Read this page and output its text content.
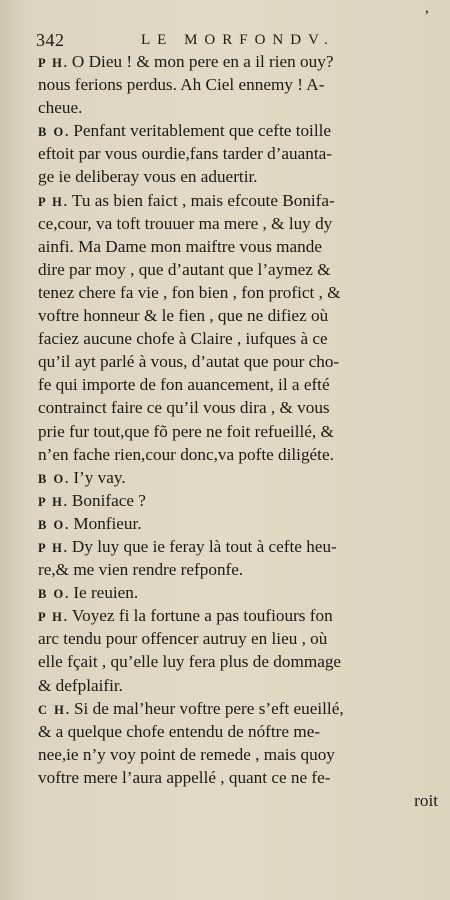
342	LE MORFONDV.
’
P H. O Dieu ! & mon pere en a il rien ouy?
nous ferions perdus. Ah Ciel ennemy ! A-
cheue.
B O. Penfant veritablement que cefte toille
eftoit par vous ourdie,fans tarder d’auanta-
ge ie deliberay vous en aduertir.
P H. Tu as bien faict , mais efcoute Bonifa-
ce,cour, va toft trouuer ma mere , & luy dy
ainfi. Ma Dame mon maiftre vous mande
dire par moy , que d’autant que l’aymez &
tenez chere fa vie , fon bien , fon profict , &
voftre honneur & le fien , que ne difiez où
faciez aucune chofe à Claire , iufques à ce
qu’il ayt parlé à vous, d’autat que pour cho-
fe qui importe de fon auancement, il a efté
contrainct faire ce qu’il vous dira , & vous
prie fur tout,que fõ pere ne foit refueillé, &
n’en fache rien,cour donc,va pofte diligéte.
B O. I’y vay.
P H. Boniface ?
B O. Monfieur.
P H. Dy luy que ie feray là tout à cefte heu-
re,& me vien rendre refponfe.
B O. Ie reuien.
P H. Voyez fi la fortune a pas toufiours fon
arc tendu pour offencer autruy en lieu , où
elle fçait , qu’elle luy fera plus de dommage
& defplaifir.
C H. Si de mal’heur voftre pere s’eft eueillé,
& a quelque chofe entendu de nóftre me-
nee,ie n’y voy point de remede , mais quoy
voftre mere l’aura appellé , quant ce ne fe-
roit
